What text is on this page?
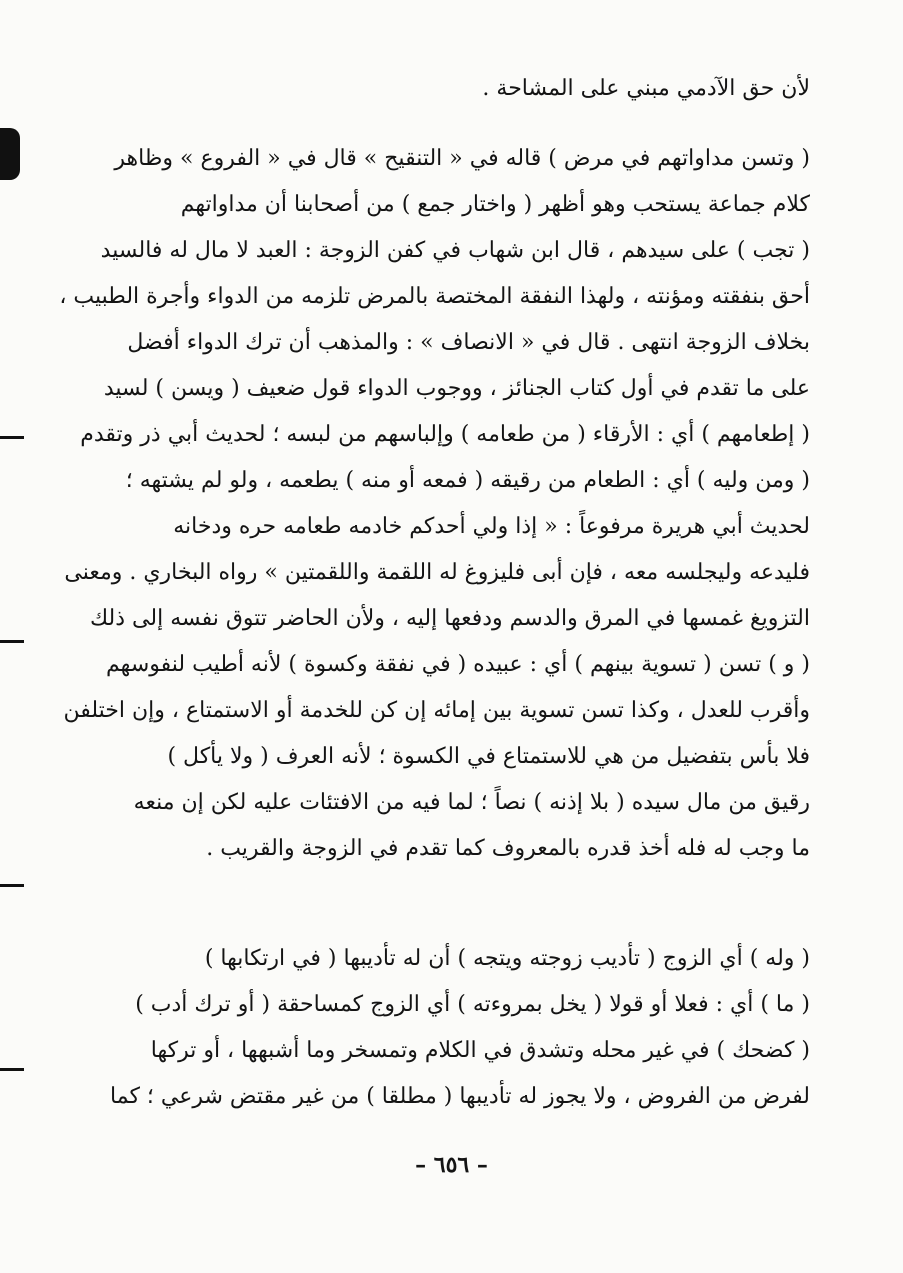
لأن حق الآدمي مبني على المشاحة .
( وتسن مداواتهم في مرض ) قاله في « التنقيح » قال في « الفروع » وظاهر
كلام جماعة يستحب وهو أظهر ( واختار جمع ) من أصحابنا أن مداواتهم
( تجب ) على سيدهم ، قال ابن شهاب في كفن الزوجة : العبد لا مال له فالسيد
أحق بنفقته ومؤنته ، ولهذا النفقة المختصة بالمرض تلزمه من الدواء وأجرة الطبيب ،
بخلاف الزوجة انتهى . قال في « الانصاف » : والمذهب أن ترك الدواء أفضل
على ما تقدم في أول كتاب الجنائز ، ووجوب الدواء قول ضعيف ( ويسن ) لسيد
( إطعامهم ) أي : الأرقاء ( من طعامه ) وإلباسهم من لبسه ؛ لحديث أبي ذر وتقدم
( ومن وليه ) أي : الطعام من رقيقه ( فمعه أو منه ) يطعمه ، ولو لم يشتهه ؛
لحديث أبي هريرة مرفوعاً : « إذا ولي أحدكم خادمه طعامه حره ودخانه
فليدعه وليجلسه معه ، فإن أبى فليزوغ له اللقمة واللقمتين » رواه البخاري . ومعنى
التزويغ غمسها في المرق والدسم ودفعها إليه ، ولأن الحاضر تتوق نفسه إلى ذلك
( و ) تسن ( تسوية بينهم ) أي : عبيده ( في نفقة وكسوة ) لأنه أطيب لنفوسهم
وأقرب للعدل ، وكذا تسن تسوية بين إمائه إن كن للخدمة أو الاستمتاع ، وإن اختلفن
فلا بأس بتفضيل من هي للاستمتاع في الكسوة ؛ لأنه العرف ( ولا يأكل )
رقيق من مال سيده ( بلا إذنه ) نصاً ؛ لما فيه من الافتئات عليه لكن إن منعه
ما وجب له فله أخذ قدره بالمعروف كما تقدم في الزوجة والقريب .
( وله ) أي الزوج ( تأديب زوجته ويتجه ) أن له تأديبها ( في ارتكابها )
( ما ) أي : فعلا أو قولا ( يخل بمروءته ) أي الزوج كمساحقة ( أو ترك أدب )
( كضحك ) في غير محله وتشدق في الكلام وتمسخر وما أشبهها ، أو تركها
لفرض من الفروض ، ولا يجوز له تأديبها ( مطلقا ) من غير مقتض شرعي ؛ كما
– ٦٥٦ –
